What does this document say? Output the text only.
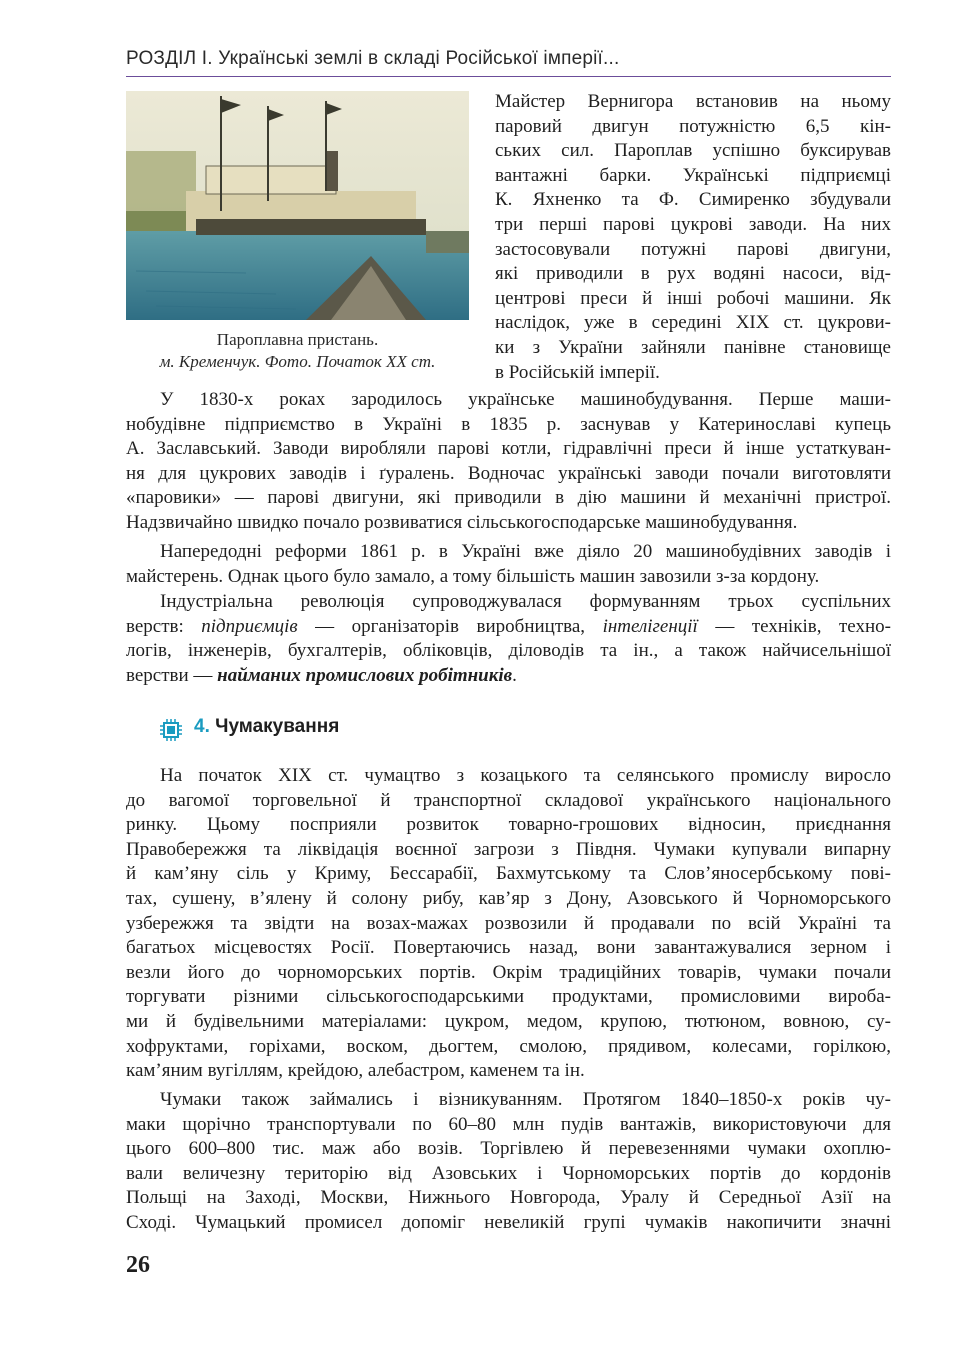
РОЗДІЛ І. Українські землі в складі Російської імперії...
Пароплавна пристань.
м. Кременчук. Фото. Початок ХХ ст.
Майстер Вернигора встановив на ньому
паровий двигун потужністю 6,5 кін-
ських сил. Пароплав успішно буксирував
вантажні барки. Українські підприємці
К. Яхненко та Ф. Симиренко збудували
три перші парові цукрові заводи. На них
застосовували потужні парові двигуни,
які приводили в рух водяні насоси, від-
центрові преси й інші робочі машини. Як
наслідок, уже в середині ХІХ ст. цукрови-
ки з України зайняли панівне становище
в Російській імперії.
У 1830-х роках зародилось українське машинобудування. Перше маши-
нобудівне підприємство в Україні в 1835 р. заснував у Катеринославі купець
А. Заславський. Заводи виробляли парові котли, гідравлічні преси й інше устаткуван-
ня для цукрових заводів і ґуралень. Водночас українські заводи почали виготовляти
«паровики» — парові двигуни, які приводили в дію машини й механічні пристрої.
Надзвичайно швидко почало розвиватися сільськогосподарське машинобудування.
Напередодні реформи 1861 р. в Україні вже діяло 20 машинобудівних заводів і
майстерень. Однак цього було замало, а тому більшість машин завозили з-за кордону.
Індустріальна революція супроводжувалася формуванням трьох суспільних
верств: підприємців — організаторів виробництва, інтелігенції — техніків, техно-
логів, інженерів, бухгалтерів, обліковців, діловодів та ін., а також найчисельнішої
верстви — найманих промислових робітників.
4. Чумакування
На початок ХІХ ст. чумацтво з козацького та селянського промислу виросло
до вагомої торговельної й транспортної складової українського національного
ринку. Цьому посприяли розвиток товарно-грошових відносин, приєднання
Правобережжя та ліквідація воєнної загрози з Півдня. Чумаки купували випарну
й кам’яну сіль у Криму, Бессарабії, Бахмутському та Слов’яносербському пові-
тах, сушену, в’ялену й солону рибу, кав’яр з Дону, Азовського й Чорноморського
узбережжя та звідти на возах-мажах розвозили й продавали по всій Україні та
багатьох місцевостях Росії. Повертаючись назад, вони завантажувалися зерном і
везли його до чорноморських портів. Окрім традиційних товарів, чумаки почали
торгувати різними сільськогосподарськими продуктами, промисловими вироба-
ми й будівельними матеріалами: цукром, медом, крупою, тютюном, вовною, су-
хофруктами, горіхами, воском, дьогтем, смолою, прядивом, колесами, горілкою,
кам’яним вугіллям, крейдою, алебастром, каменем та ін.
Чумаки також займались і візникуванням. Протягом 1840–1850-х років чу-
маки щорічно транспортували по 60–80 млн пудів вантажів, використовуючи для
цього 600–800 тис. маж або возів. Торгівлею й перевезеннями чумаки охоплю-
вали величезну територію від Азовських і Чорноморських портів до кордонів
Польщі на Заході, Москви, Нижнього Новгорода, Уралу й Середньої Азії на
Сході. Чумацький промисел допоміг невеликій групі чумаків накопичити значні
26
